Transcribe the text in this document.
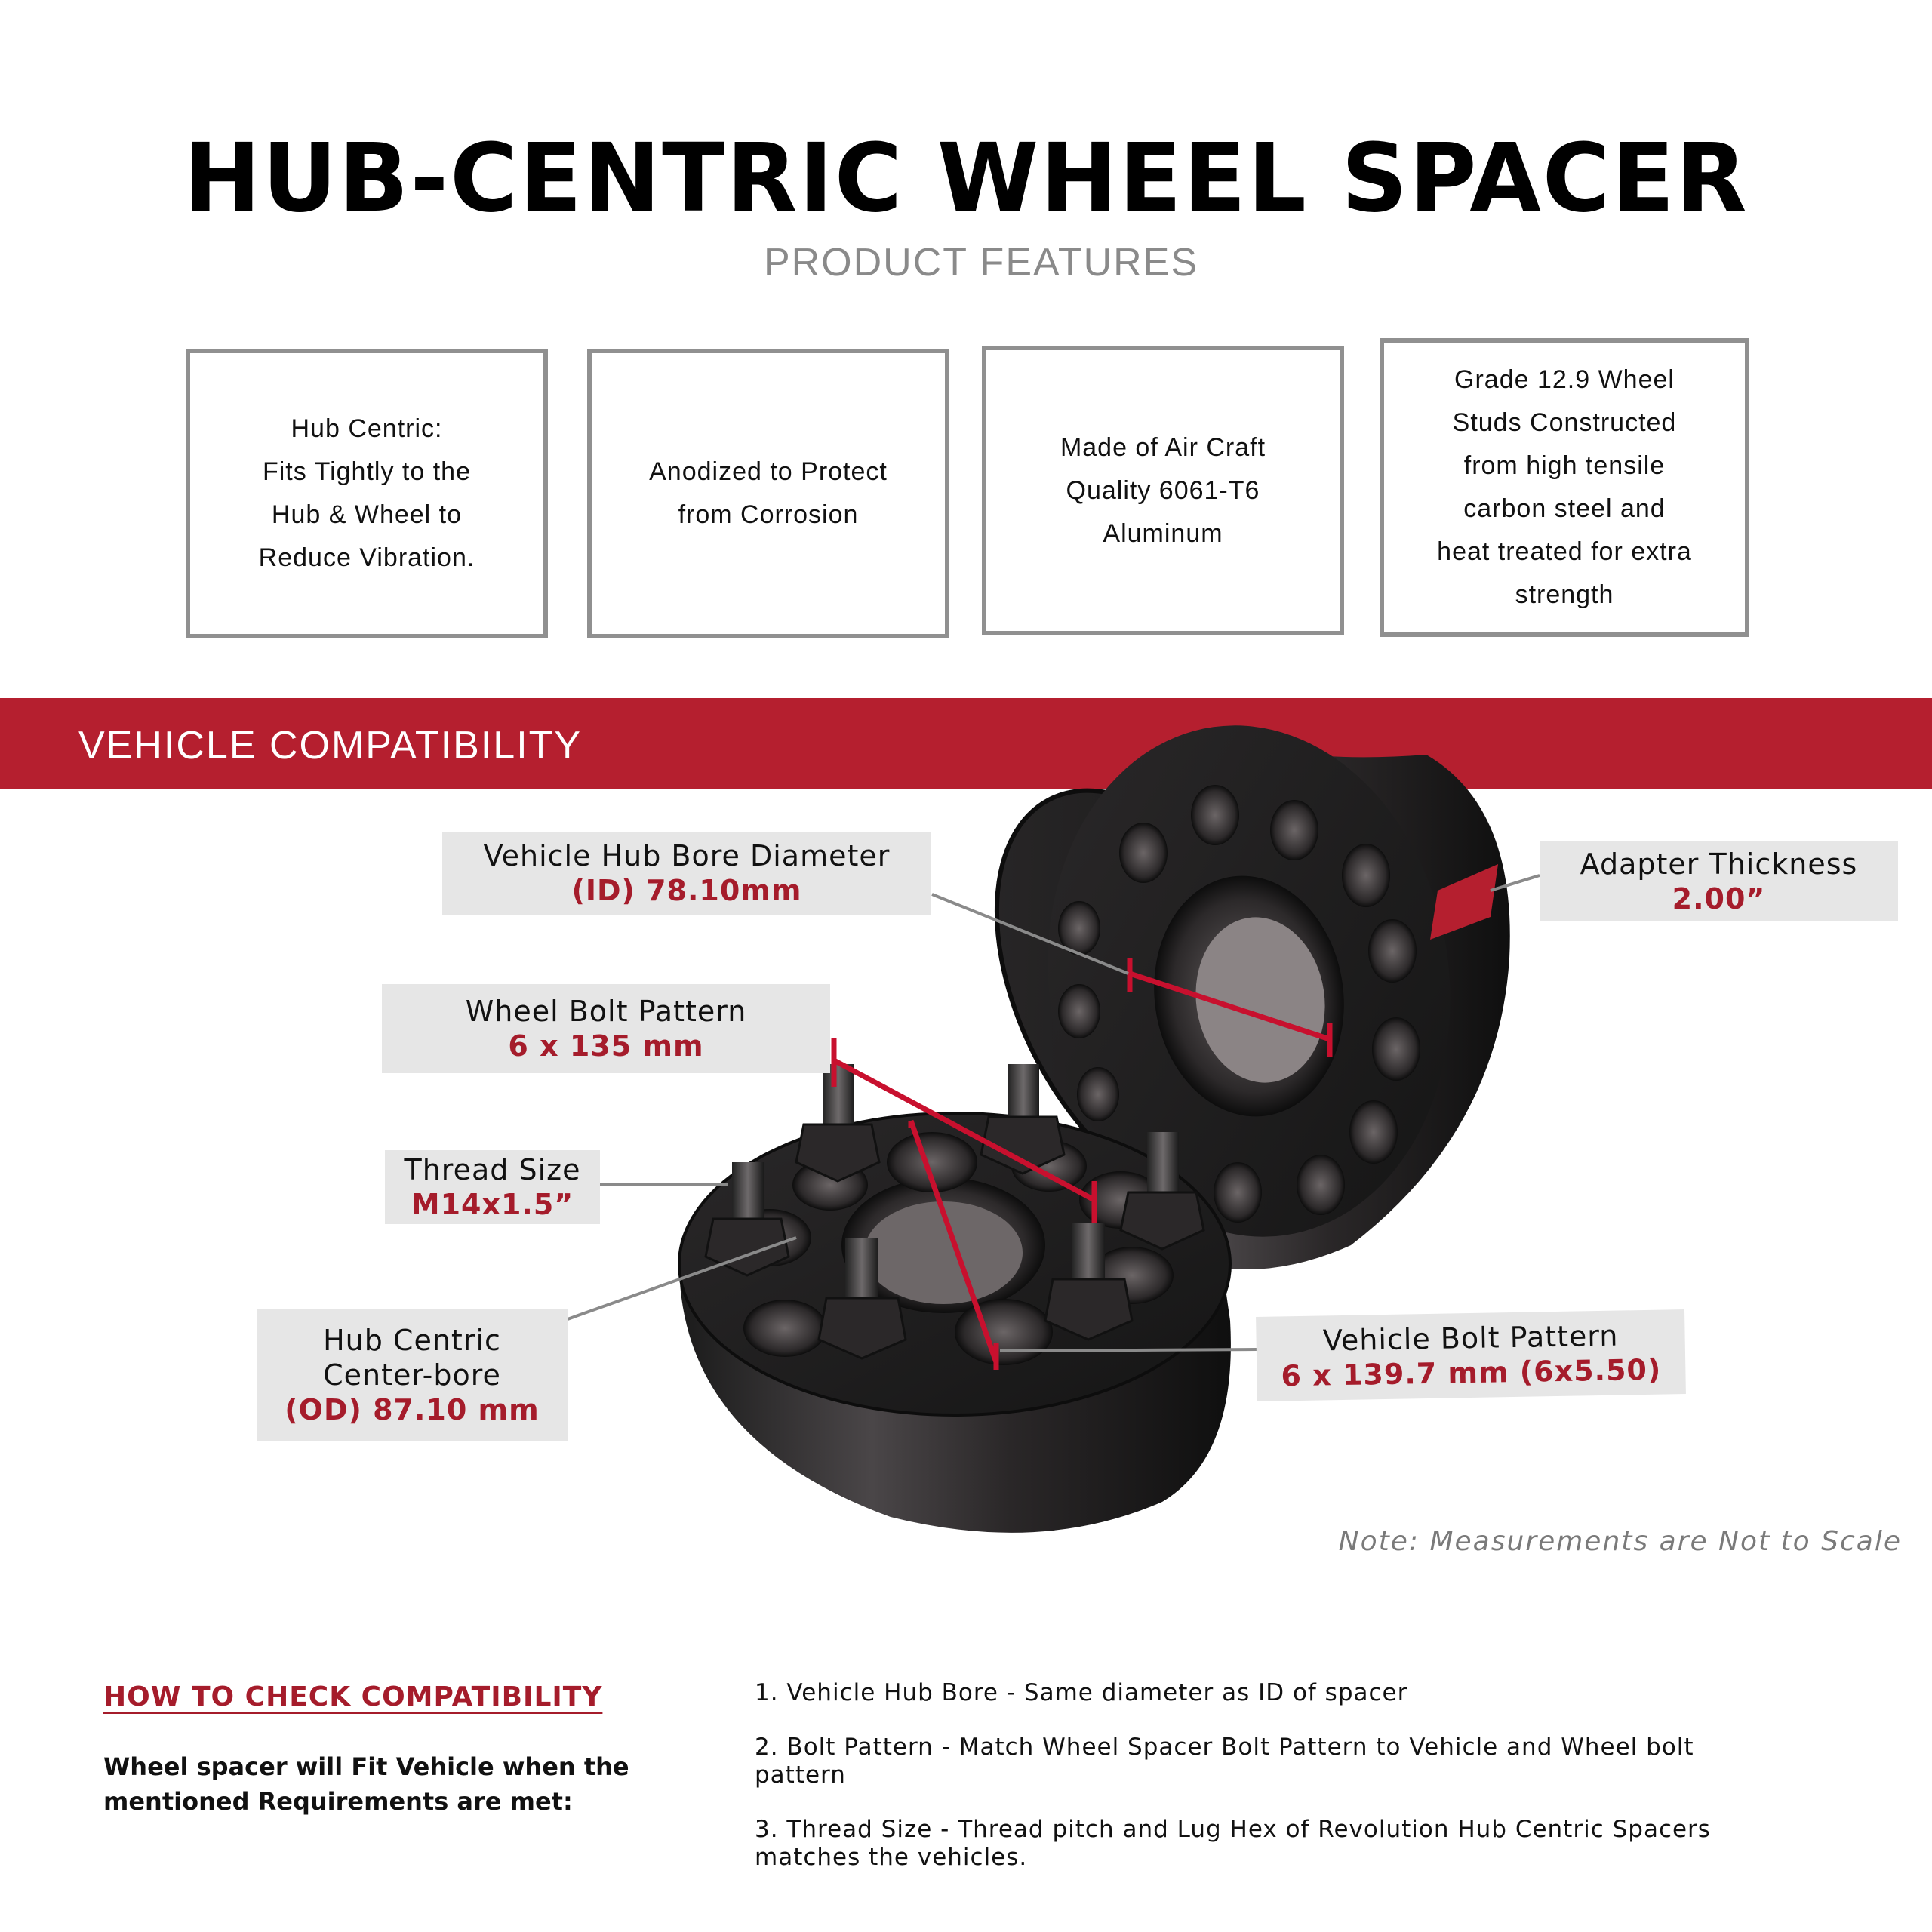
HUB-CENTRIC WHEEL SPACER
PRODUCT FEATURES
Hub Centric:
Fits Tightly to the
Hub & Wheel to
Reduce Vibration.
Anodized to Protect
from Corrosion
Made of Air Craft
Quality 6061-T6
Aluminum
Grade 12.9 Wheel
Studs Constructed
from high tensile
carbon steel and
heat treated for extra
strength
VEHICLE COMPATIBILITY
Vehicle Hub Bore Diameter
(ID) 78.10mm
Wheel Bolt Pattern
6 x 135 mm
Thread Size
M14x1.5”
Hub Centric
Center-bore
(OD) 87.10 mm
Adapter Thickness
2.00”
Vehicle Bolt Pattern
6 x 139.7 mm (6x5.50)
Note: Measurements are Not to Scale
HOW TO CHECK COMPATIBILITY
Wheel spacer will Fit Vehicle when the mentioned Requirements are met:
1. Vehicle Hub Bore - Same diameter as ID of spacer
2. Bolt Pattern - Match Wheel Spacer Bolt Pattern to Vehicle and Wheel bolt pattern
3. Thread Size - Thread pitch and Lug Hex of Revolution Hub Centric Spacers matches the vehicles.
